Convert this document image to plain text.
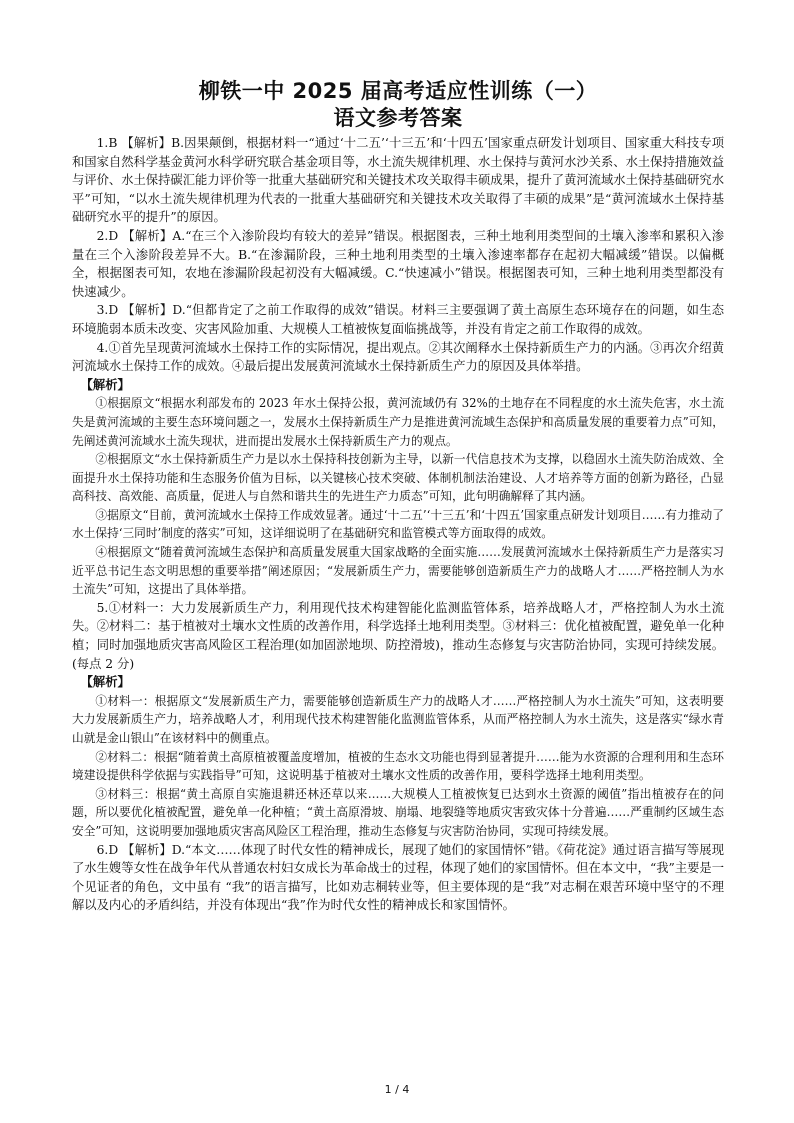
柳铁一中 2025 届高考适应性训练（一）
语文参考答案

1.B 【解析】B.因果颠倒，根据材料一“通过‘十二五’‘十三五’和‘十四五’国家重点研发计划项目、国家重大科技专项和国家自然科学基金黄河水科学研究联合基金项目等，水土流失规律机理、水土保持与黄河水沙关系、水土保持措施效益与评价、水土保持碳汇能力评价等一批重大基础研究和关键技术攻关取得丰硕成果，提升了黄河流域水土保持基础研究水平”可知，“以水土流失规律机理为代表的一批重大基础研究和关键技术攻关取得了丰硕的成果”是“黄河流域水土保持基础研究水平的提升”的原因。

2.D 【解析】A.“在三个入渗阶段均有较大的差异”错误。根据图表，三种土地利用类型间的土壤入渗率和累积入渗量在三个入渗阶段差异不大。B.“在渗漏阶段，三种土地利用类型的土壤入渗速率都存在起初大幅减缓”错误。以偏概全，根据图表可知，农地在渗漏阶段起初没有大幅减缓。C.“快速减小”错误。根据图表可知，三种土地利用类型都没有快速减少。

3.D 【解析】D.“但都肯定了之前工作取得的成效”错误。材料三主要强调了黄土高原生态环境存在的问题，如生态环境脆弱本质未改变、灾害风险加重、大规模人工植被恢复面临挑战等，并没有肯定之前工作取得的成效。

4.①首先呈现黄河流域水土保持工作的实际情况，提出观点。②其次阐释水土保持新质生产力的内涵。③再次介绍黄河流域水土保持工作的成效。④最后提出发展黄河流域水土保持新质生产力的原因及具体举措。

【解析】

①根据原文“根据水利部发布的 2023 年水土保持公报，黄河流域仍有 32%的土地存在不同程度的水土流失危害，水土流失是黄河流域的主要生态环境问题之一，发展水土保持新质生产力是推进黄河流域生态保护和高质量发展的重要着力点”可知，先阐述黄河流域水土流失现状，进而提出发展水土保持新质生产力的观点。

②根据原文“水土保持新质生产力是以水土保持科技创新为主导，以新一代信息技术为支撑，以稳固水土流失防治成效、全面提升水土保持功能和生态服务价值为目标，以关键核心技术突破、体制机制法治建设、人才培养等方面的创新为路径，凸显高科技、高效能、高质量，促进人与自然和谐共生的先进生产力质态”可知，此句明确解释了其内涵。

③据原文“目前，黄河流域水土保持工作成效显著。通过‘十二五’‘十三五’和‘十四五’国家重点研发计划项目……有力推动了水土保持‘三同时’制度的落实”可知，这详细说明了在基础研究和监管模式等方面取得的成效。

④根据原文“随着黄河流域生态保护和高质量发展重大国家战略的全面实施……发展黄河流域水土保持新质生产力是落实习近平总书记生态文明思想的重要举措”阐述原因；“发展新质生产力，需要能够创造新质生产力的战略人才……严格控制人为水土流失”可知，这提出了具体举措。

5.①材料一：大力发展新质生产力，利用现代技术构建智能化监测监管体系，培养战略人才，严格控制人为水土流失。②材料二：基于植被对土壤水文性质的改善作用，科学选择土地利用类型。③材料三：优化植被配置，避免单一化种植；同时加强地质灾害高风险区工程治理(如加固淤地坝、防控滑坡)，推动生态修复与灾害防治协同，实现可持续发展。(每点 2 分)

【解析】

①材料一：根据原文“发展新质生产力，需要能够创造新质生产力的战略人才……严格控制人为水土流失”可知，这表明要大力发展新质生产力，培养战略人才，利用现代技术构建智能化监测监管体系，从而严格控制人为水土流失，这是落实“绿水青山就是金山银山”在该材料中的侧重点。

②材料二：根据“随着黄土高原植被覆盖度增加，植被的生态水文功能也得到显著提升……能为水资源的合理利用和生态环境建设提供科学依据与实践指导”可知，这说明基于植被对土壤水文性质的改善作用，要科学选择土地利用类型。

③材料三：根据“黄土高原自实施退耕还林还草以来……大规模人工植被恢复已达到水土资源的阈值”指出植被存在的问题，所以要优化植被配置，避免单一化种植；“黄土高原滑坡、崩塌、地裂缝等地质灾害致灾体十分普遍……严重制约区域生态安全”可知，这说明要加强地质灾害高风险区工程治理，推动生态修复与灾害防治协同，实现可持续发展。

6.D 【解析】D.“本文……体现了时代女性的精神成长，展现了她们的家国情怀”错。《荷花淀》通过语言描写等展现了水生嫂等女性在战争年代从普通农村妇女成长为革命战士的过程，体现了她们的家国情怀。但在本文中，“我”主要是一个见证者的角色，文中虽有 “我”的语言描写，比如劝志桐转业等，但主要体现的是“我”对志桐在艰苦环境中坚守的不理解以及内心的矛盾纠结，并没有体现出“我”作为时代女性的精神成长和家国情怀。

1 / 4
